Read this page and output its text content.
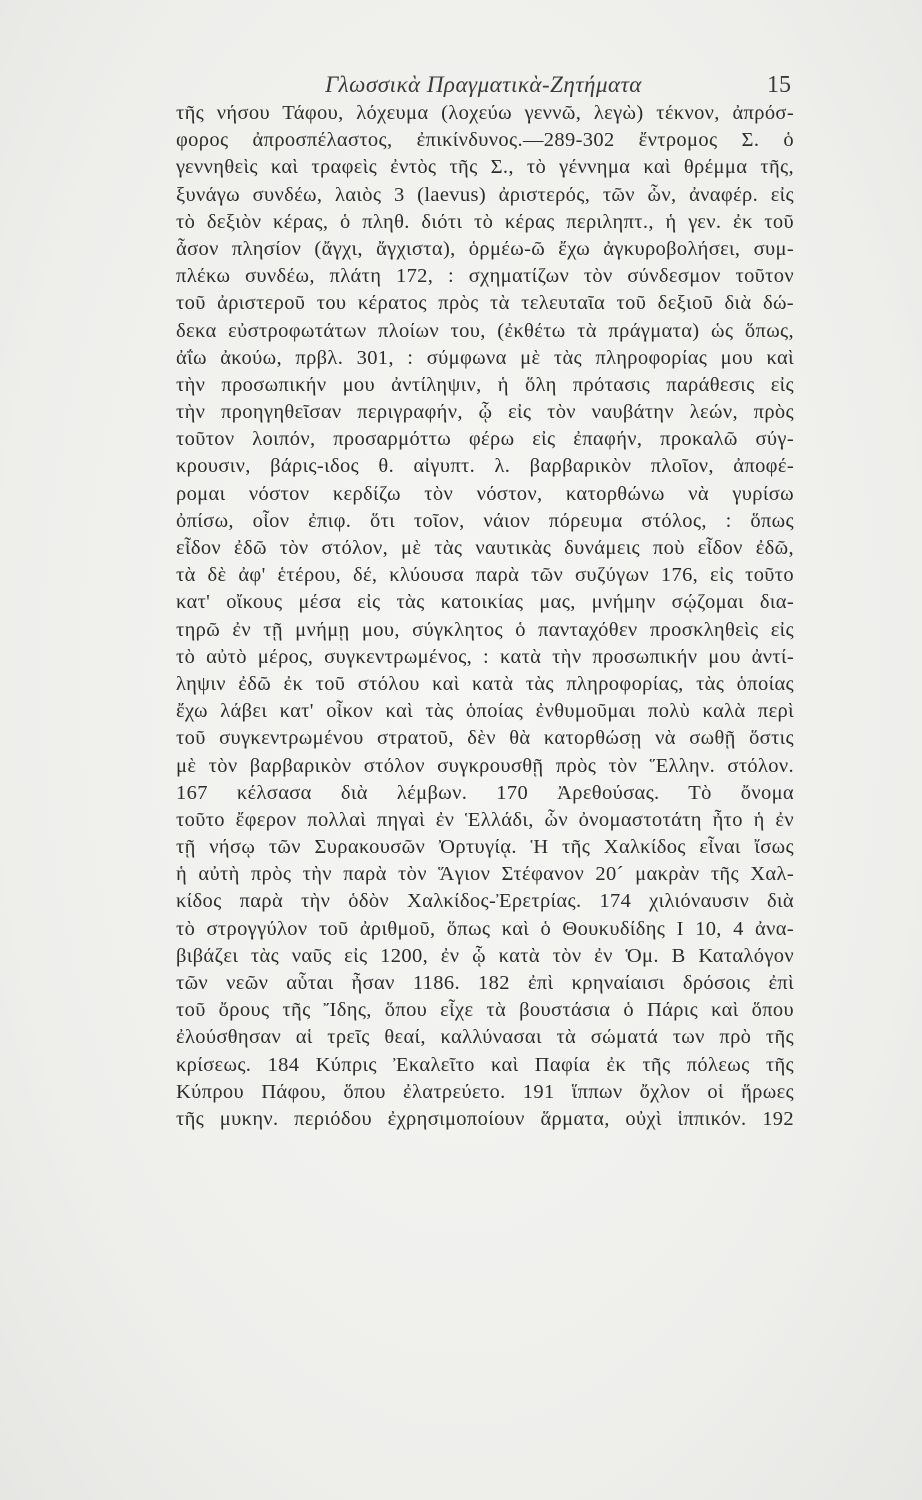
Γλωσσικὰ Πραγματικὰ-Ζητήματα	15
τῆς νήσου Τάφου, λόχευμα (λοχεύω γεννῶ, λεγὼ) τέκνον, ἀπρόσ-
φορος ἀπροσπέλαστος, ἐπικίνδυνος.—289-302 ἔντρομος Σ. ὁ
γεννηθεὶς καὶ τραφεὶς ἐντὸς τῆς Σ., τὸ γέννημα καὶ θρέμμα τῆς,
ξυνάγω συνδέω, λαιὸς 3 (laevus) ἀριστερός, τῶν ὧν, ἀναφέρ. εἰς
τὸ δεξιὸν κέρας, ὁ πληθ. διότι τὸ κέρας περιληπτ., ἡ γεν. ἐκ τοῦ
ἆσον πλησίον (ἄγχι, ἄγχιστα), ὁρμέω-ῶ ἔχω ἀγκυροβολήσει, συμ-
πλέκω συνδέω, πλάτη 172, : σχηματίζων τὸν σύνδεσμον τοῦτον
τοῦ ἀριστεροῦ του κέρατος πρὸς τὰ τελευταῖα τοῦ δεξιοῦ διὰ δώ-
δεκα εὐστροφωτάτων πλοίων του, (ἐκθέτω τὰ πράγματα) ὡς ὅπως,
ἀΐω ἀκούω, πρβλ. 301, : σύμφωνα μὲ τὰς πληροφορίας μου καὶ
τὴν προσωπικήν μου ἀντίληψιν, ἡ ὅλη πρότασις παράθεσις εἰς
τὴν προηγηθεῖσαν περιγραφήν, ᾧ εἰς τὸν ναυβάτην λεών, πρὸς
τοῦτον λοιπόν, προσαρμόττω φέρω εἰς ἐπαφήν, προκαλῶ σύγ-
κρουσιν, βάρις-ιδος θ. αἰγυπτ. λ. βαρβαρικὸν πλοῖον, ἀποφέ-
ρομαι νόστον κερδίζω τὸν νόστον, κατορθώνω νὰ γυρίσω
ὀπίσω, οἷον ἐπιφ. ὅτι τοῖον, νάιον πόρευμα στόλος, : ὅπως
εἶδον ἐδῶ τὸν στόλον, μὲ τὰς ναυτικὰς δυνάμεις ποὺ εἶδον ἐδῶ,
τὰ δὲ ἀφ' ἑτέρου, δέ, κλύουσα παρὰ τῶν συζύγων 176, εἰς τοῦτο
κατ' οἴκους μέσα εἰς τὰς κατοικίας μας, μνήμην σῴζομαι δια-
τηρῶ ἐν τῇ μνήμῃ μου, σύγκλητος ὁ πανταχόθεν προσκληθεὶς εἰς
τὸ αὐτὸ μέρος, συγκεντρωμένος, : κατὰ τὴν προσωπικήν μου ἀντί-
ληψιν ἐδῶ ἐκ τοῦ στόλου καὶ κατὰ τὰς πληροφορίας, τὰς ὁποίας
ἔχω λάβει κατ' οἶκον καὶ τὰς ὁποίας ἐνθυμοῦμαι πολὺ καλὰ περὶ
τοῦ συγκεντρωμένου στρατοῦ, δὲν θὰ κατορθώσῃ νὰ σωθῇ ὅστις
μὲ τὸν βαρβαρικὸν στόλον συγκρουσθῇ πρὸς τὸν Ἕλλην. στόλον.
167 κέλσασα διὰ λέμβων. 170 Ἀρεθούσας. Τὸ ὄνομα
τοῦτο ἔφερον πολλαὶ πηγαὶ ἐν Ἑλλάδι, ὧν ὀνομαστοτάτη ἦτο ἡ ἐν
τῇ νήσῳ τῶν Συρακουσῶν Ὀρτυγίᾳ. Ἡ τῆς Χαλκίδος εἶναι ἴσως
ἡ αὐτὴ πρὸς τὴν παρὰ τὸν Ἅγιον Στέφανον 20´ μακρὰν τῆς Χαλ-
κίδος παρὰ τὴν ὁδὸν Χαλκίδος-Ἐρετρίας. 174 χιλιόναυσιν διὰ
τὸ στρογγύλον τοῦ ἀριθμοῦ, ὅπως καὶ ὁ Θουκυδίδης I 10, 4 ἀνα-
βιβάζει τὰς ναῦς εἰς 1200, ἐν ᾧ κατὰ τὸν ἐν Ὁμ. Β Καταλόγον
τῶν νεῶν αὗται ἦσαν 1186. 182 ἐπὶ κρηναίαισι δρόσοις ἐπὶ
τοῦ ὄρους τῆς Ἴδης, ὅπου εἶχε τὰ βουστάσια ὁ Πάρις καὶ ὅπου
ἐλούσθησαν αἱ τρεῖς θεαί, καλλύνασαι τὰ σώματά των πρὸ τῆς
κρίσεως. 184 Κύπρις Ἐκαλεῖτο καὶ Παφία ἐκ τῆς πόλεως τῆς
Κύπρου Πάφου, ὅπου ἐλατρεύετο. 191 ἵππων ὄχλον οἱ ἥρωες
τῆς μυκην. περιόδου ἐχρησιμοποίουν ἅρματα, οὐχὶ ἱππικόν. 192
